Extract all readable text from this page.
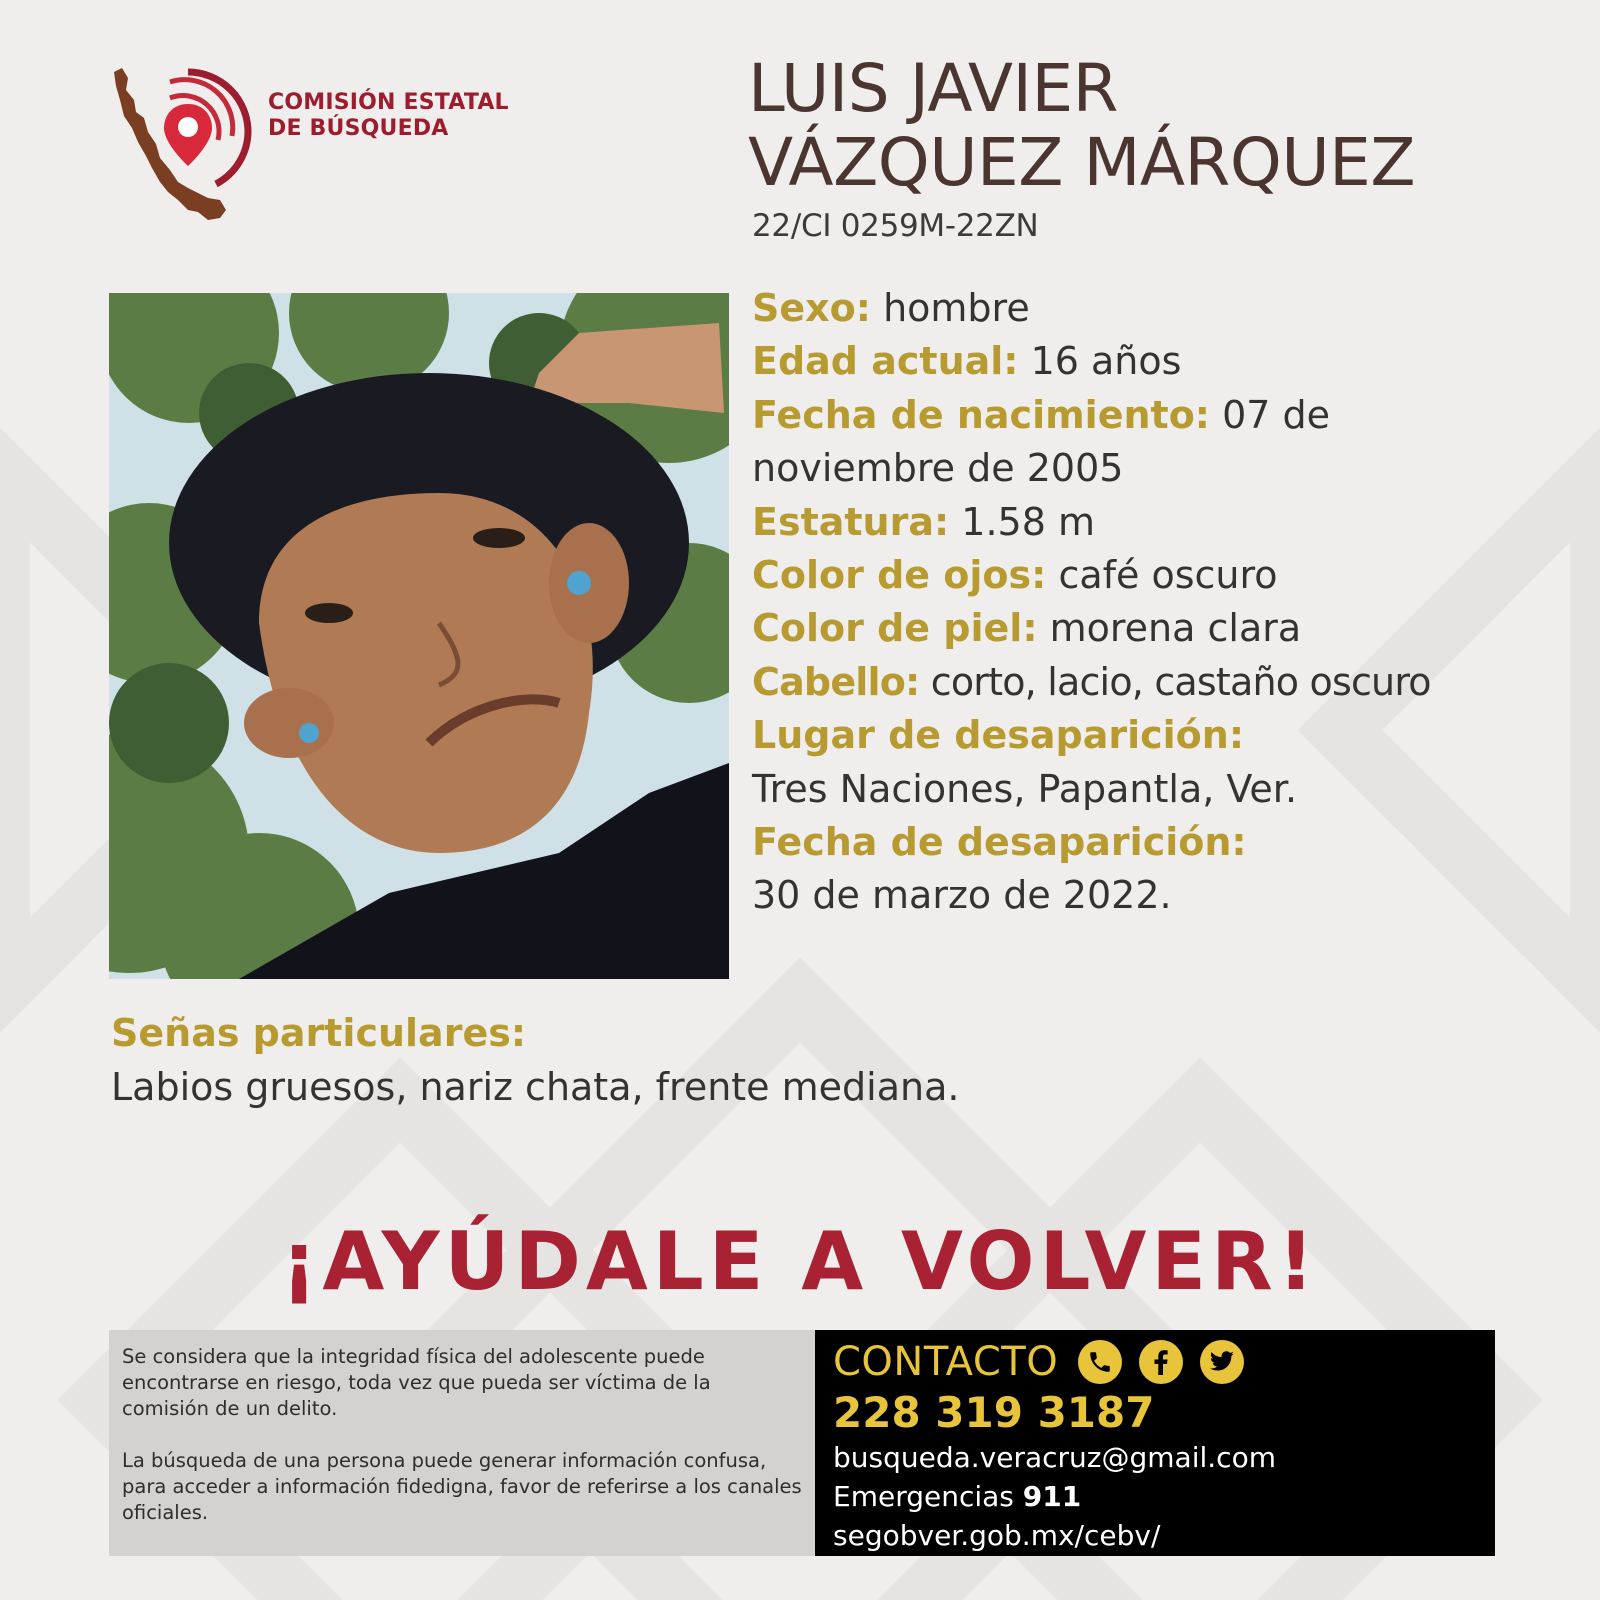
COMISIÓN ESTATAL
DE BÚSQUEDA
LUIS JAVIER
VÁZQUEZ MÁRQUEZ
22/CI 0259M-22ZN
Sexo: hombre
Edad actual: 16 años
Fecha de nacimiento: 07 de noviembre de 2005
Estatura: 1.58 m
Color de ojos: café oscuro
Color de piel: morena clara
Cabello: corto, lacio, castaño oscuro
Lugar de desaparición:
Tres Naciones, Papantla, Ver.
Fecha de desaparición:
30 de marzo de 2022.
Señas particulares:
Labios gruesos, nariz chata, frente mediana.
¡AYÚDALE A VOLVER!

Se considera que la integridad física del adolescente puede encontrarse en riesgo, toda vez que pueda ser víctima de la comisión de un delito.

La búsqueda de una persona puede generar información confusa, para acceder a información fidedigna, favor de referirse a los canales oficiales.

CONTACTO
228 319 3187
busqueda.veracruz@gmail.com
Emergencias 911
segobver.gob.mx/cebv/
